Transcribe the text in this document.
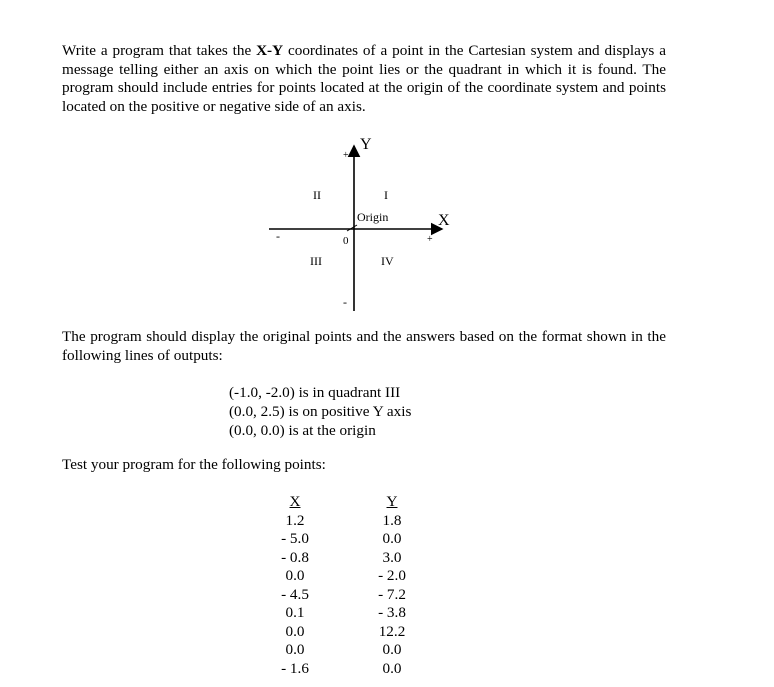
Write a program that takes the X-Y coordinates of a point in the Cartesian system and displays a message telling either an axis on which the point lies or the quadrant in which it is found. The program should include entries for points located at the origin of the coordinate system and points located on the positive or negative side of an axis.

Y
+
X
+
-
-
II	I
III	IV
Origin
0

The program should display the original points and the answers based on the format shown in the following lines of outputs:

(-1.0, -2.0) is in quadrant III
(0.0, 2.5) is on positive Y axis
(0.0, 0.0) is at the origin

Test your program for the following points:

X
1.2
- 5.0
- 0.8
0.0
- 4.5
0.1
0.0
0.0
- 1.6
Y
1.8
0.0
3.0
- 2.0
- 7.2
- 3.8
12.2
0.0
0.0
